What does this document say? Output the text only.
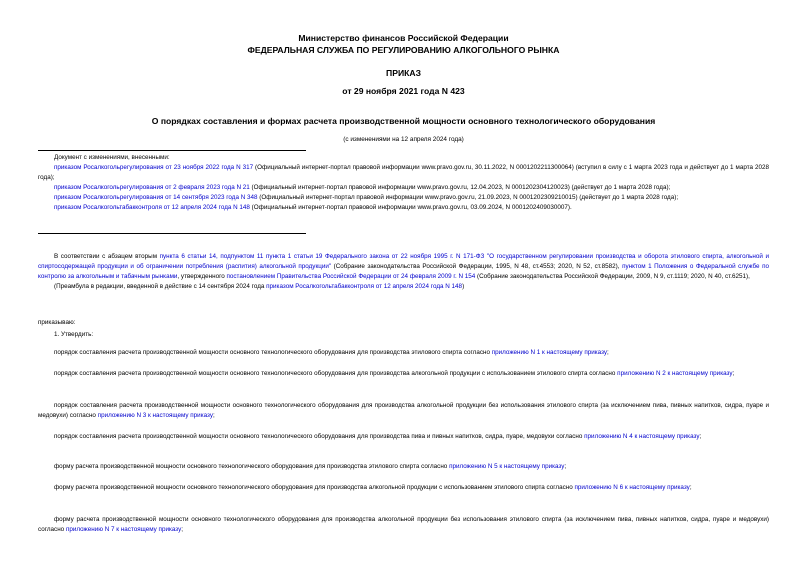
Министерство финансов Российской Федерации
ФЕДЕРАЛЬНАЯ СЛУЖБА ПО РЕГУЛИРОВАНИЮ АЛКОГОЛЬНОГО РЫНКА
ПРИКАЗ
от 29 ноября 2021 года N 423
О порядках составления и формах расчета производственной мощности основного технологического оборудования
(с изменениями на 12 апреля 2024 года)

Документ с изменениями, внесенными:

приказом Росалкогольрегулирования от 23 ноября 2022 года N 317 (Официальный интернет-портал правовой информации www.pravo.gov.ru, 30.11.2022, N 0001202211300064) (вступил в силу с 1 марта 2023 года и действует до 1 марта 2028 года);

приказом Росалкогольрегулирования от 2 февраля 2023 года N 21 (Официальный интернет-портал правовой информации www.pravo.gov.ru, 12.04.2023, N 0001202304120023) (действует до 1 марта 2028 года);

приказом Росалкогольрегулирования от 14 сентября 2023 года N 348 (Официальный интернет-портал правовой информации www.pravo.gov.ru, 21.09.2023, N 0001202309210015) (действует до 1 марта 2028 года);

приказом Росалкогольтабакконтроля от 12 апреля 2024 года N 148 (Официальный интернет-портал правовой информации www.pravo.gov.ru, 03.09.2024, N 0001202409030007).

В соответствии с абзацем вторым пункта 6 статьи 14, подпунктом 11 пункта 1 статьи 19 Федерального закона от 22 ноября 1995 г. N 171-ФЗ "О государственном регулировании производства и оборота этилового спирта, алкогольной и спиртосодержащей продукции и об ограничении потребления (распития) алкогольной продукции" (Собрание законодательства Российской Федерации, 1995, N 48, ст.4553; 2020, N 52, ст.8582), пунктом 1 Положения о Федеральной службе по контролю за алкогольным и табачным рынками, утвержденного постановлением Правительства Российской Федерации от 24 февраля 2009 г. N 154 (Собрание законодательства Российской Федерации, 2009, N 9, ст.1119; 2020, N 40, ст.6251),

(Преамбула в редакции, введенной в действие с 14 сентября 2024 года приказом Росалкогольтабакконтроля от 12 апреля 2024 года N 148)

приказываю:
1. Утвердить:

порядок составления расчета производственной мощности основного технологического оборудования для производства этилового спирта согласно приложению N 1 к настоящему приказу;

порядок составления расчета производственной мощности основного технологического оборудования для производства алкогольной продукции с использованием этилового спирта согласно приложению N 2 к настоящему приказу;

порядок составления расчета производственной мощности основного технологического оборудования для производства алкогольной продукции без использования этилового спирта (за исключением пива, пивных напитков, сидра, пуаре и медовухи) согласно приложению N 3 к настоящему приказу;

порядок составления расчета производственной мощности основного технологического оборудования для производства пива и пивных напитков, сидра, пуаре, медовухи согласно приложению N 4 к настоящему приказу;

форму расчета производственной мощности основного технологического оборудования для производства этилового спирта согласно приложению N 5 к настоящему приказу;

форму расчета производственной мощности основного технологического оборудования для производства алкогольной продукции с использованием этилового спирта согласно приложению N 6 к настоящему приказу;

форму расчета производственной мощности основного технологического оборудования для производства алкогольной продукции без использования этилового спирта (за исключением пива, пивных напитков, сидра, пуаре и медовухи) согласно приложению N 7 к настоящему приказу;
